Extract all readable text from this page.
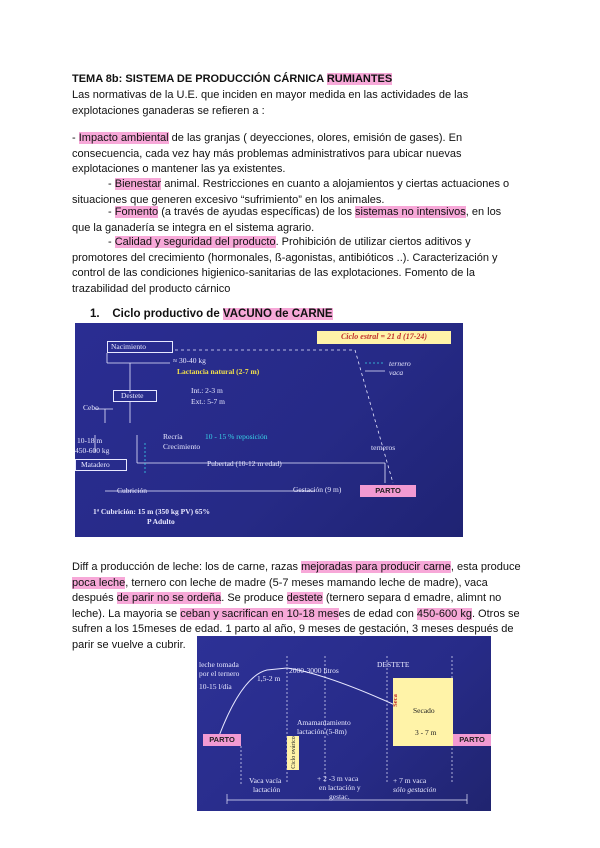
TEMA 8b: SISTEMA DE PRODUCCIÓN CÁRNICA RUMIANTES
Las normativas de la U.E. que inciden en mayor medida en las actividades de las
explotaciones ganaderas se refieren a :
- Impacto ambiental de las granjas ( deyecciones, olores, emisión de gases). En
consecuencia, cada vez hay más problemas administrativos para ubicar nuevas
explotaciones o mantener las ya existentes.
- Bienestar animal. Restricciones en cuanto a alojamientos y ciertas actuaciones o
situaciones que generen excesivo “sufrimiento” en los animales.
- Fomento (a través de ayudas específicas) de los sistemas no intensivos, en los
que la ganadería se integra en el sistema agrario.
- Calidad y seguridad del producto. Prohibición de utilizar ciertos aditivos y
promotores del crecimiento (hormonales, ß-agonistas, antibióticos ..). Caracterización y
control de las condiciones higienico-sanitarias de las explotaciones. Fomento de la
trazabilidad del producto cárnico
1. Ciclo productivo de VACUNO de CARNE
Nacimiento
≈ 30-40 kg
Lactancia natural (2-7 m)
Destete
Int.: 2-3 m
Ext.: 5-7 m
Cebo
10-18 m
450-600 kg
Recría
Crecimiento
10 - 15 % reposición
Matadero	Pubertad (10-12 m edad)
Cubrición	Gestación (9 m)	PARTO
1ª Cubrición: 15 m (350 kg PV) 65%
P Adulto
Ciclo estral = 21 d (17-24)
ternero
vaca
terneros
Diff a producción de leche: los de carne, razas mejoradas para producir carne, esta produce
poca leche, ternero con leche de madre (5-7 meses mamando leche de madre), vaca
después de parir no se ordeña. Se produce destete (ternero separa d emadre, alimnt no
leche). La mayoria se ceban y sacrifican en 10-18 meses de edad con 450-600 kg. Otros se
sufren a los 15meses de edad. 1 parto al año, 9 meses de gestación, 3 meses después de
parir se vuelve a cubrir.
leche tomada
por el ternero
10-15 l/día
1,5-2 m
2000-3000 litros
DESTETE
PARTO	PARTO
Amamantamiento
lactación (5-8m)
Ciclo ovárico
Secado
3 - 7 m
Seca
Vaca vacía
lactación
+ 2 -3 m vaca
en lactación y
gestac.
+ 7 m vaca
sólo gestación
